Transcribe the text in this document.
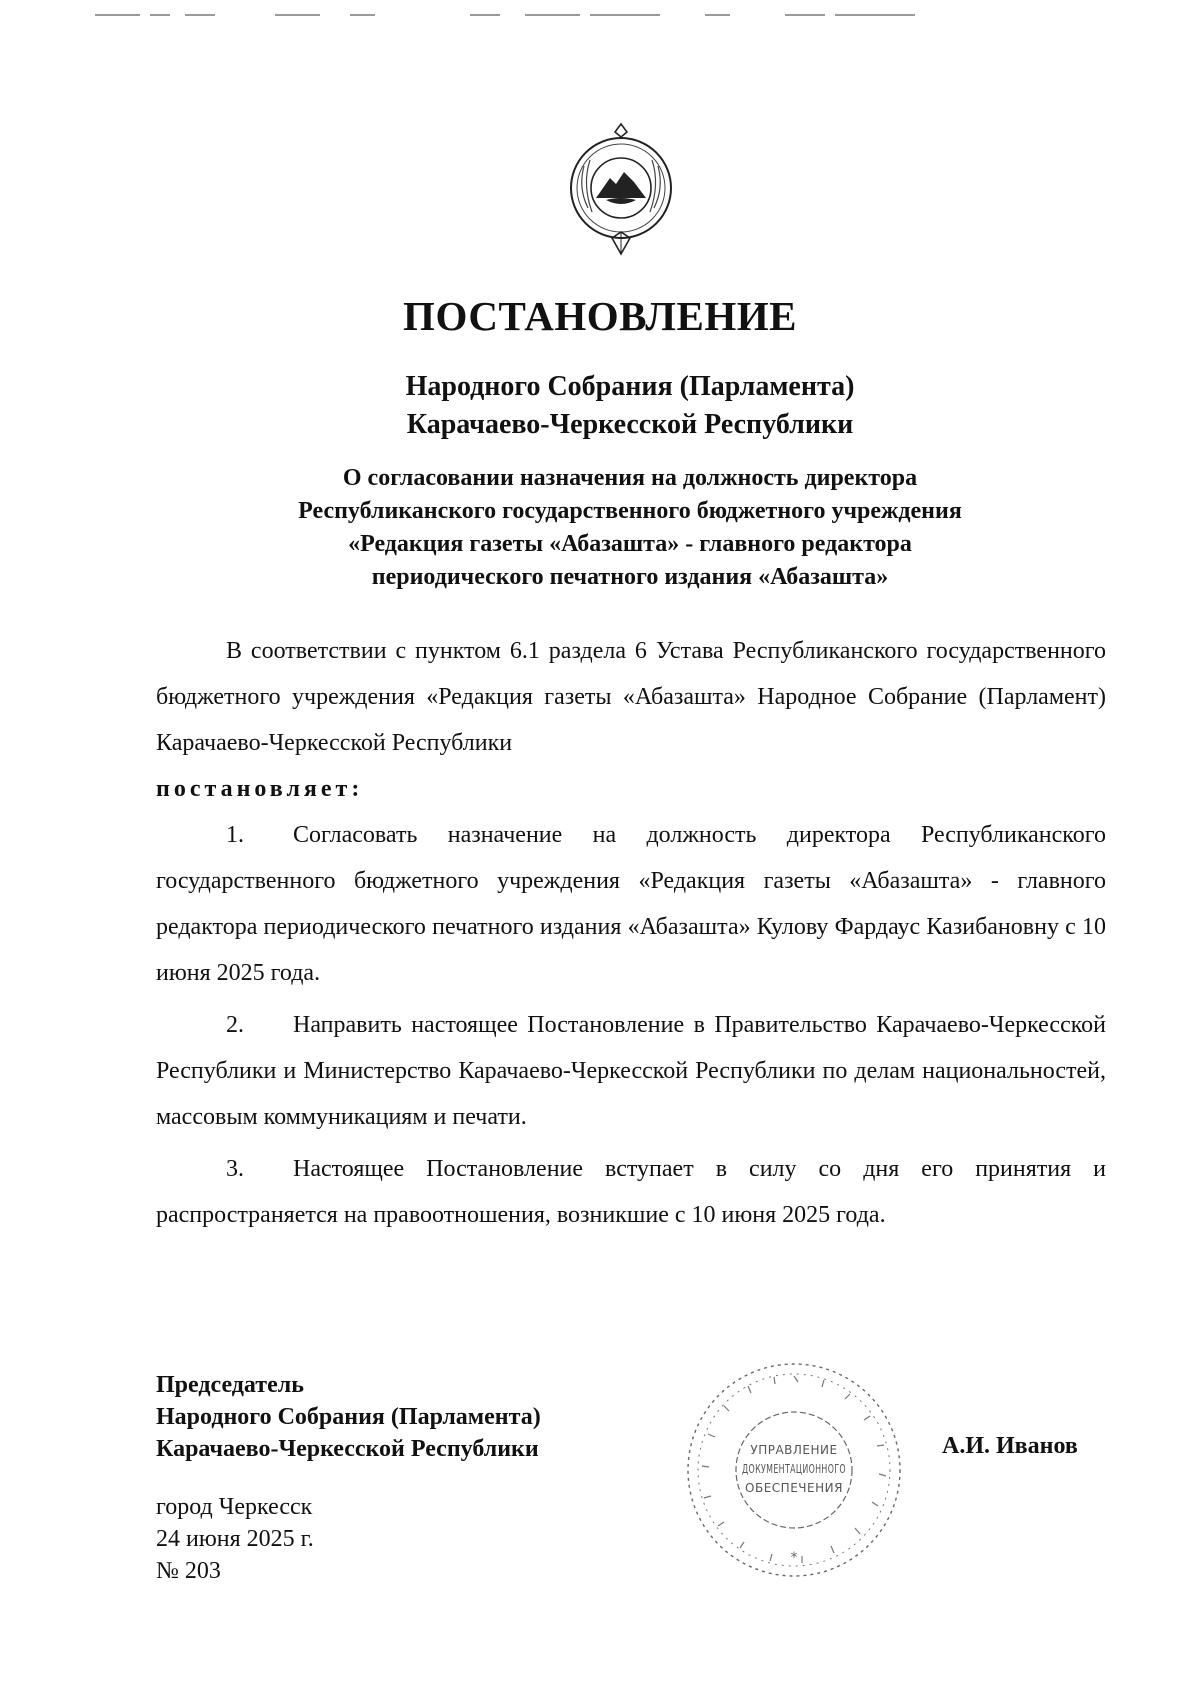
ПОСТАНОВЛЕНИЕ
Народного Собрания (Парламента)
Карачаево-Черкесской Республики
О согласовании назначения на должность директора
Республиканского государственного бюджетного учреждения
«Редакция газеты «Абазашта» - главного редактора
периодического печатного издания «Абазашта»

В соответствии с пунктом 6.1 раздела 6 Устава Республиканского государственного бюджетного учреждения «Редакция газеты «Абазашта» Народное Собрание (Парламент) Карачаево-Черкесской Республики

постановляет:

1. Согласовать назначение на должность директора Республиканского государственного бюджетного учреждения «Редакция газеты «Абазашта» - главного редактора периодического печатного издания «Абазашта» Кулову Фардаус Казибановну с 10 июня 2025 года.

2. Направить настоящее Постановление в Правительство Карачаево-Черкесской Республики и Министерство Карачаево-Черкесской Республики по делам национальностей, массовым коммуникациям и печати.

3. Настоящее Постановление вступает в силу со дня его принятия и распространяется на правоотношения, возникшие с 10 июня 2025 года.

Председатель
Народного Собрания (Парламента)
Карачаево-Черкесской Республики	УПРАВЛЕНИЕ
ДОКУМЕНТАЦИОННОГО
ОБЕСПЕЧЕНИЯ
*
А.И. Иванов
город Черкесск
24 июня 2025 г.
№ 203
